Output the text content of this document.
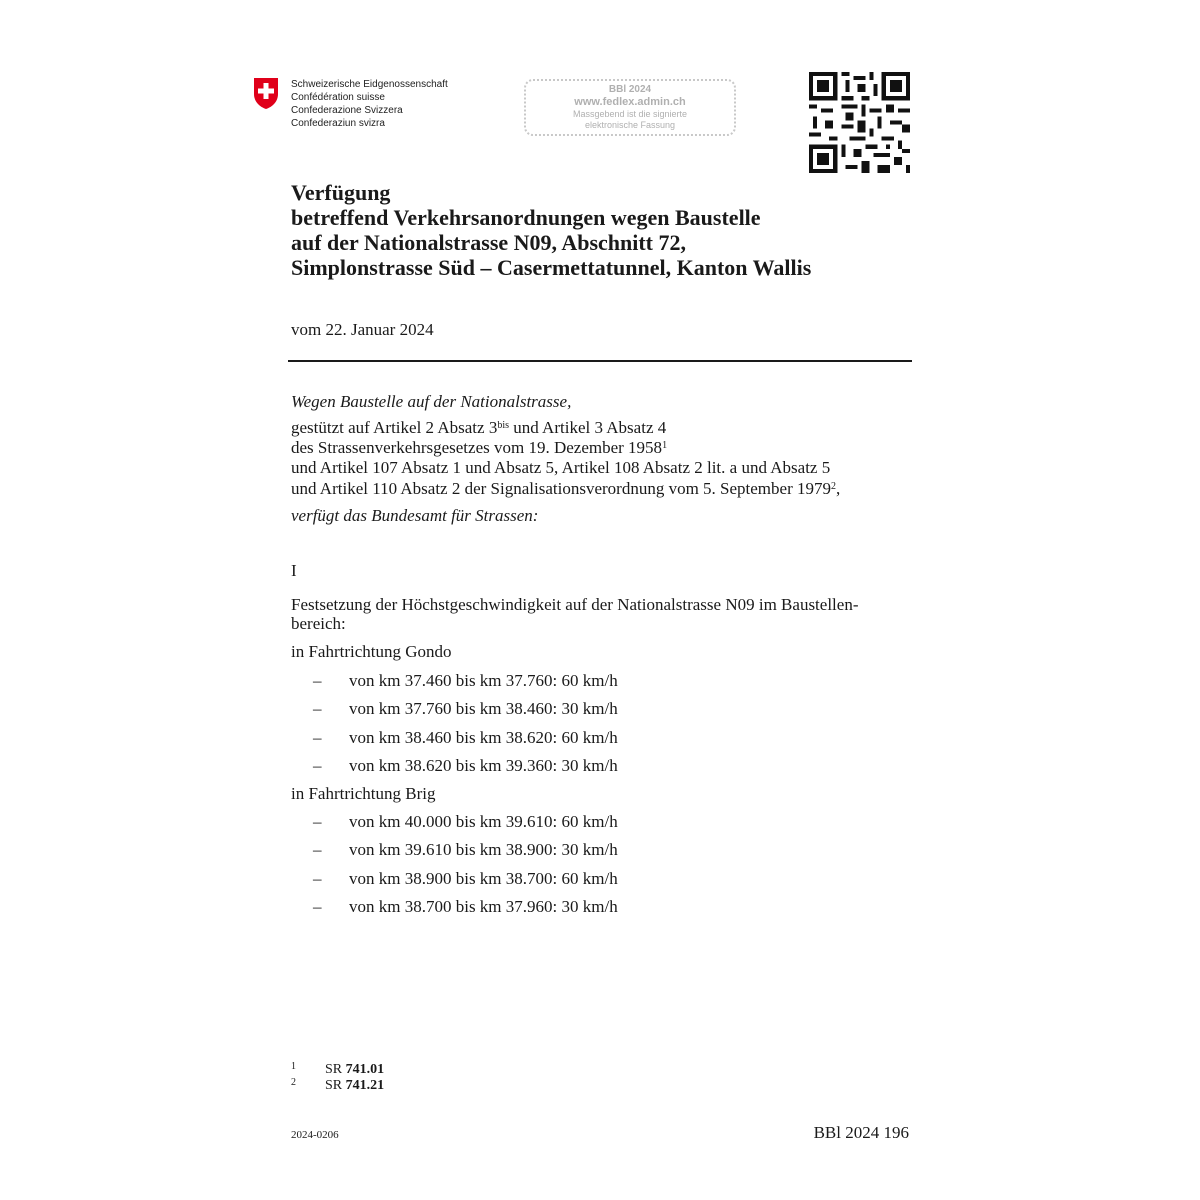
Schweizerische Eidgenossenschaft
Confédération suisse
Confederazione Svizzera
Confederaziun svizra
BBl 2024
www.fedlex.admin.ch
Massgebend ist die signierte
elektronische Fassung
Verfügung
betreffend Verkehrsanordnungen wegen Baustelle
auf der Nationalstrasse N09, Abschnitt 72,
Simplonstrasse Süd – Casermettatunnel, Kanton Wallis
vom 22. Januar 2024
Wegen Baustelle auf der Nationalstrasse,
gestützt auf Artikel 2 Absatz $3^{bis}$ und Artikel 3 Absatz 4
des Strassenverkehrsgesetzes vom 19. Dezember 1958$^1$
und Artikel 107 Absatz 1 und Absatz 5, Artikel 108 Absatz 2 lit. a und Absatz 5
und Artikel 110 Absatz 2 der Signalisationsverordnung vom 5. September 1979$^2$,
verfügt das Bundesamt für Strassen:
I
Festsetzung der Höchstgeschwindigkeit auf der Nationalstrasse N09 im Baustellen-
bereich:
in Fahrtrichtung Gondo
– von km 37.460 bis km 37.760: 60 km/h
– von km 37.760 bis km 38.460: 30 km/h
– von km 38.460 bis km 38.620: 60 km/h
– von km 38.620 bis km 39.360: 30 km/h
in Fahrtrichtung Brig
– von km 40.000 bis km 39.610: 60 km/h
– von km 39.610 bis km 38.900: 30 km/h
– von km 38.900 bis km 38.700: 60 km/h
– von km 38.700 bis km 37.960: 30 km/h
1 SR 741.01
2 SR 741.21
2024-0206	BBl 2024 196
